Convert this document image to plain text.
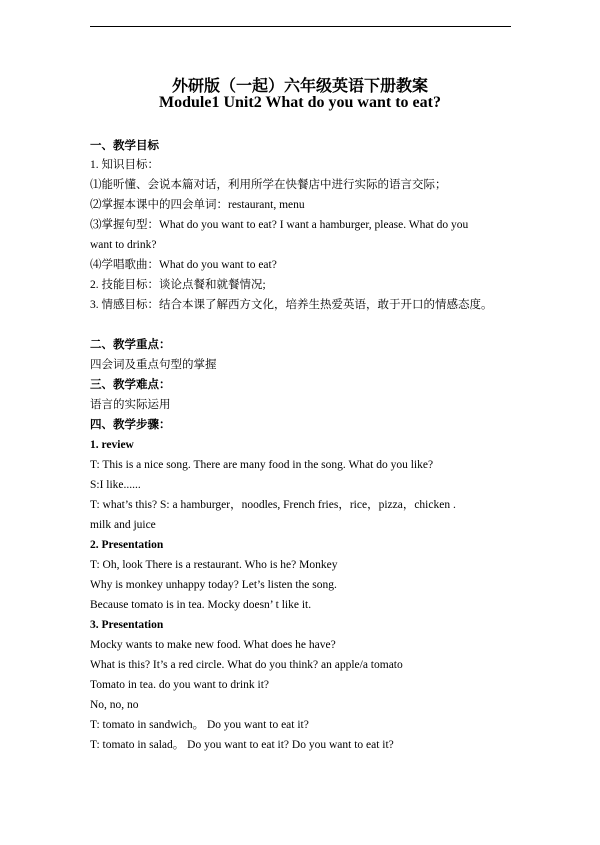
外研版（一起）六年级英语下册教案
Module1 Unit2 What do you want to eat?
一、教学目标
1. 知识目标：
⑴能听懂、会说本篇对话，利用所学在快餐店中进行实际的语言交际；
⑵掌握本课中的四会单词：restaurant, menu
⑶掌握句型：What do you want to eat? I want a hamburger, please. What do you
want to drink?
⑷学唱歌曲：What do you want to eat?
2. 技能目标：谈论点餐和就餐情况;
3. 情感目标：结合本课了解西方文化，培养生热爱英语，敢于开口的情感态度。
二、教学重点：
四会词及重点句型的掌握
三、教学难点：
语言的实际运用
四、教学步骤：
1. review
T: This is a nice song. There are many food in the song. What do you like?
S:I like......
T: what’s this? S: a hamburger，noodles, French fries，rice，pizza，chicken .
milk and juice
2. Presentation
T: Oh, look There is a restaurant. Who is he? Monkey
Why is monkey unhappy today? Let’s listen the song.
Because tomato is in tea. Mocky doesn’ t like it.
3. Presentation
Mocky wants to make new food. What does he have?
What is this? It’s a red circle. What do you think? an apple/a tomato
Tomato in tea. do you want to drink it?
No, no, no
T: tomato in sandwich。 Do you want to eat it?
T: tomato in salad。 Do you want to eat it? Do you want to eat it?
